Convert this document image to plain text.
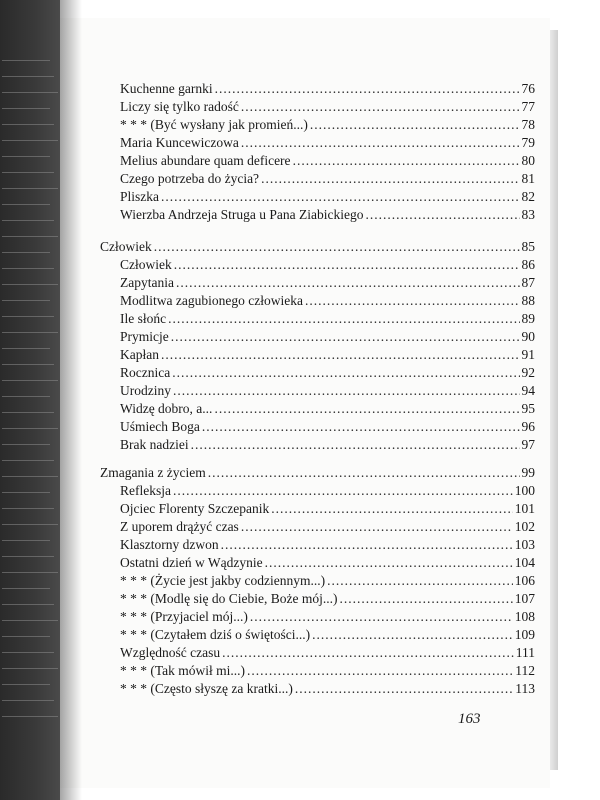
Kuchenne garnki .....	76
Liczy się tylko radość .....	77
* * * (Być wysłany jak promień...) .....	78
Maria Kuncewiczowa .....	79
Melius abundare quam deficere .....	80
Czego potrzeba do życia? .....	81
Pliszka .....	82
Wierzba Andrzeja Struga u Pana Ziabickiego .....	83
Człowiek .....	85
Człowiek .....	86
Zapytania .....	87
Modlitwa zagubionego człowieka .....	88
Ile słońc .....	89
Prymicje .....	90
Kapłan .....	91
Rocznica .....	92
Urodziny .....	94
Widzę dobro, a... .....	95
Uśmiech Boga .....	96
Brak nadziei .....	97
Zmagania z życiem .....	99
Refleksja .....	100
Ojciec Florenty Szczepanik .....	101
Z uporem drążyć czas .....	102
Klasztorny dzwon .....	103
Ostatni dzień w Wądzynie .....	104
* * * (Życie jest jakby codziennym...) .....	106
* * * (Modlę się do Ciebie, Boże mój...) .....	107
* * * (Przyjaciel mój...) .....	108
* * * (Czytałem dziś o świętości...) .....	109
Względność czasu .....	111
* * * (Tak mówił mi...) .....	112
* * * (Często słyszę za kratki...) .....	113
163
